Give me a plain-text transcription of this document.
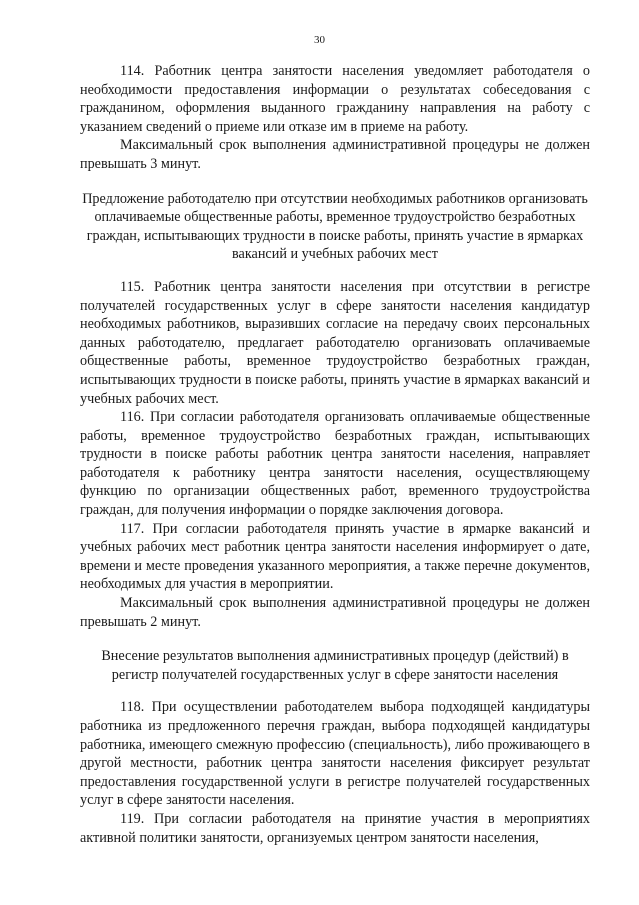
30

114. Работник центра занятости населения уведомляет работодателя о необходимости предоставления информации о результатах собеседования с гражданином, оформления выданного гражданину направления на работу с указанием сведений о приеме или отказе им в приеме на работу.

Максимальный срок выполнения административной процедуры не должен превышать 3 минут.

Предложение работодателю при отсутствии необходимых работников организовать оплачиваемые общественные работы, временное трудоустройство безработных граждан, испытывающих трудности в поиске работы, принять участие в ярмарках вакансий и учебных рабочих мест

115. Работник центра занятости населения при отсутствии в регистре получателей государственных услуг в сфере занятости населения кандидатур необходимых работников, выразивших согласие на передачу своих персональных данных работодателю, предлагает работодателю организовать оплачиваемые общественные работы, временное трудоустройство безработных граждан, испытывающих трудности в поиске работы, принять участие в ярмарках вакансий и учебных рабочих мест.

116. При согласии работодателя организовать оплачиваемые общественные работы, временное трудоустройство безработных граждан, испытывающих трудности в поиске работы работник центра занятости населения, направляет работодателя к работнику центра занятости населения, осуществляющему функцию по организации общественных работ, временного трудоустройства граждан, для получения информации о порядке заключения договора.

117. При согласии работодателя принять участие в ярмарке вакансий и учебных рабочих мест работник центра занятости населения информирует о дате, времени и месте проведения указанного мероприятия, а также перечне документов, необходимых для участия в мероприятии.

Максимальный срок выполнения административной процедуры не должен превышать 2 минут.

Внесение результатов выполнения административных процедур (действий) в регистр получателей государственных услуг в сфере занятости населения

118. При осуществлении работодателем выбора подходящей кандидатуры работника из предложенного перечня граждан, выбора подходящей кандидатуры работника, имеющего смежную профессию (специальность), либо проживающего в другой местности, работник центра занятости населения фиксирует результат предоставления государственной услуги в регистре получателей государственных услуг в сфере занятости населения.

119. При согласии работодателя на принятие участия в мероприятиях активной политики занятости, организуемых центром занятости населения,
